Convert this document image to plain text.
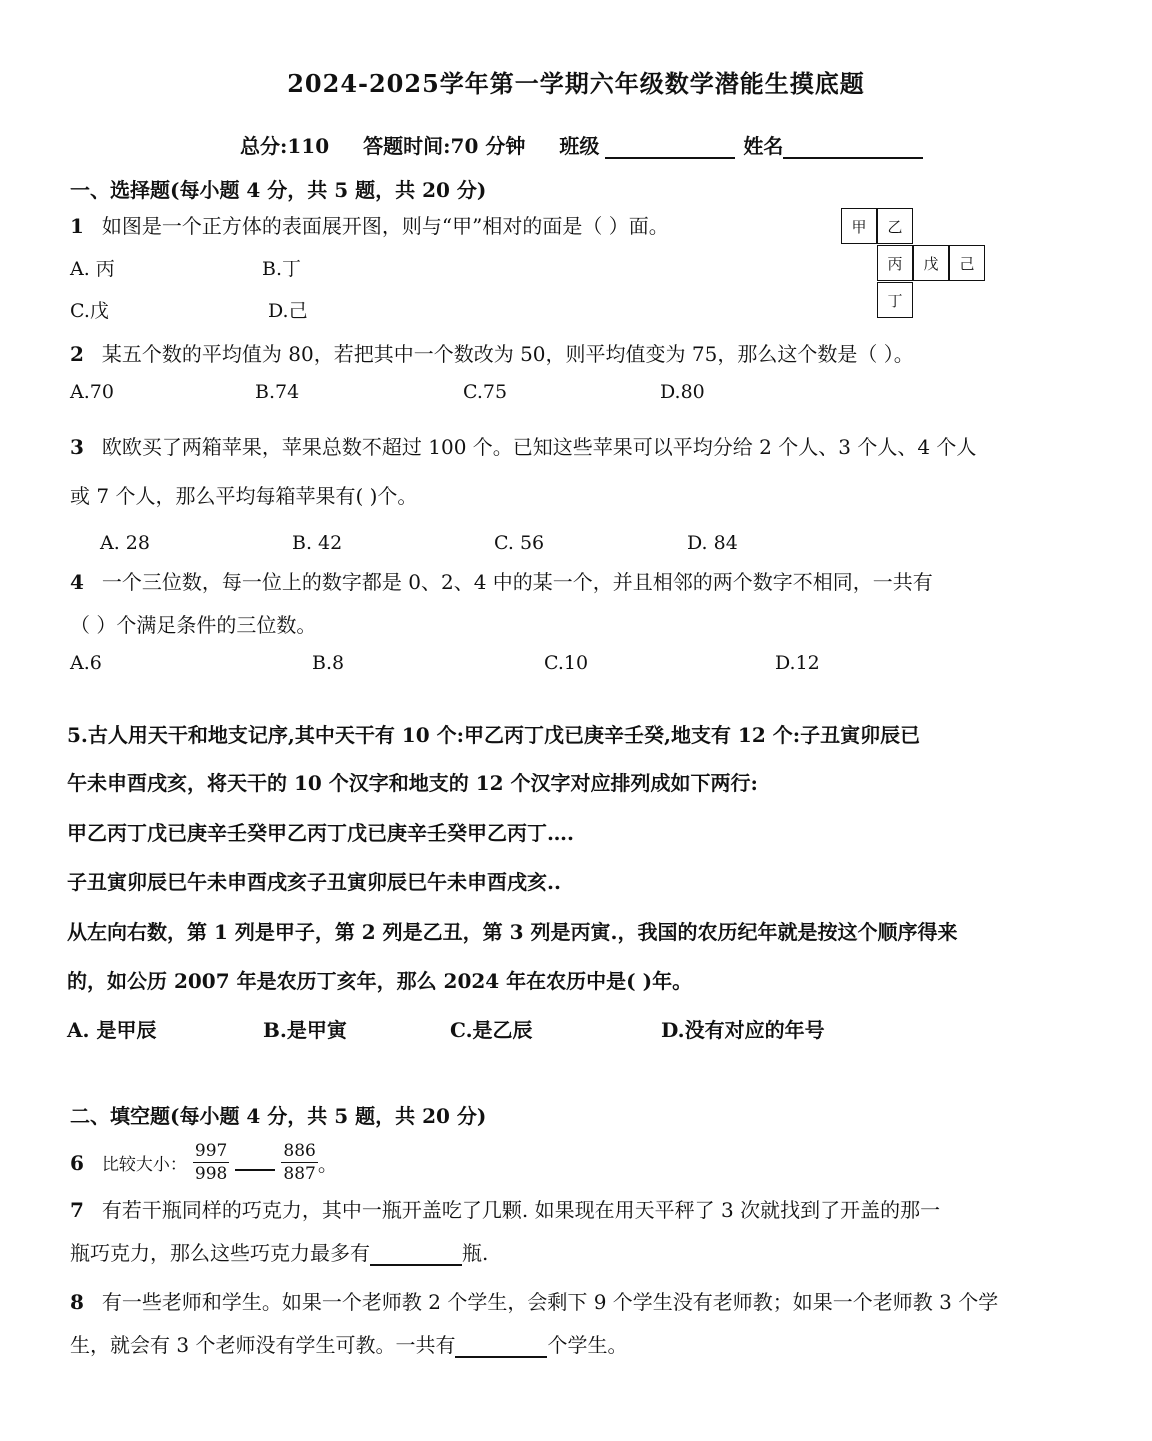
2024-2025学年第一学期六年级数学潜能生摸底题
总分:110 答题时间:70 分钟 班级	姓名
一、选择题(每小题 4 分，共 5 题，共 20 分)
1 如图是一个正方体的表面展开图，则与“甲”相对的面是（ ）面。
A. 丙	B.丁
C.戊	D.己
甲	乙
丙	戊	己
丁
2 某五个数的平均值为 80，若把其中一个数改为 50，则平均值变为 75，那么这个数是（ ）。
A.70	B.74	C.75	D.80
3 欧欧买了两箱苹果，苹果总数不超过 100 个。已知这些苹果可以平均分给 2 个人、3 个人、4 个人
或 7 个人，那么平均每箱苹果有( )个。
A. 28	B. 42	C. 56	D. 84
4 一个三位数，每一位上的数字都是 0、2、4 中的某一个，并且相邻的两个数字不相同，一共有
（ ）个满足条件的三位数。
A.6	B.8	C.10	D.12
5.古人用天干和地支记序,其中天干有 10 个:甲乙丙丁戊已庚辛壬癸,地支有 12 个:子丑寅卯辰已
午未申酉戌亥，将天干的 10 个汉字和地支的 12 个汉字对应排列成如下两行:
甲乙丙丁戊已庚辛壬癸甲乙丙丁戊已庚辛壬癸甲乙丙丁….
子丑寅卯辰巳午未申酉戌亥子丑寅卯辰巳午未申酉戌亥..
从左向右数，第 1 列是甲子，第 2 列是乙丑，第 3 列是丙寅.，我国的农历纪年就是按这个顺序得来
的，如公历 2007 年是农历丁亥年，那么 2024 年在农历中是( )年。
A. 是甲辰	B.是甲寅	C.是乙辰	D.没有对应的年号
二、填空题(每小题 4 分，共 5 题，共 20 分)
6 比较大小： $\frac{997}{998}$	$\frac{886}{887}$ 。
7 有若干瓶同样的巧克力，其中一瓶开盖吃了几颗. 如果现在用天平秤了 3 次就找到了开盖的那一
瓶巧克力，那么这些巧克力最多有	瓶.
8 有一些老师和学生。如果一个老师教 2 个学生，会剩下 9 个学生没有老师教；如果一个老师教 3 个学
生，就会有 3 个老师没有学生可教。一共有	个学生。
